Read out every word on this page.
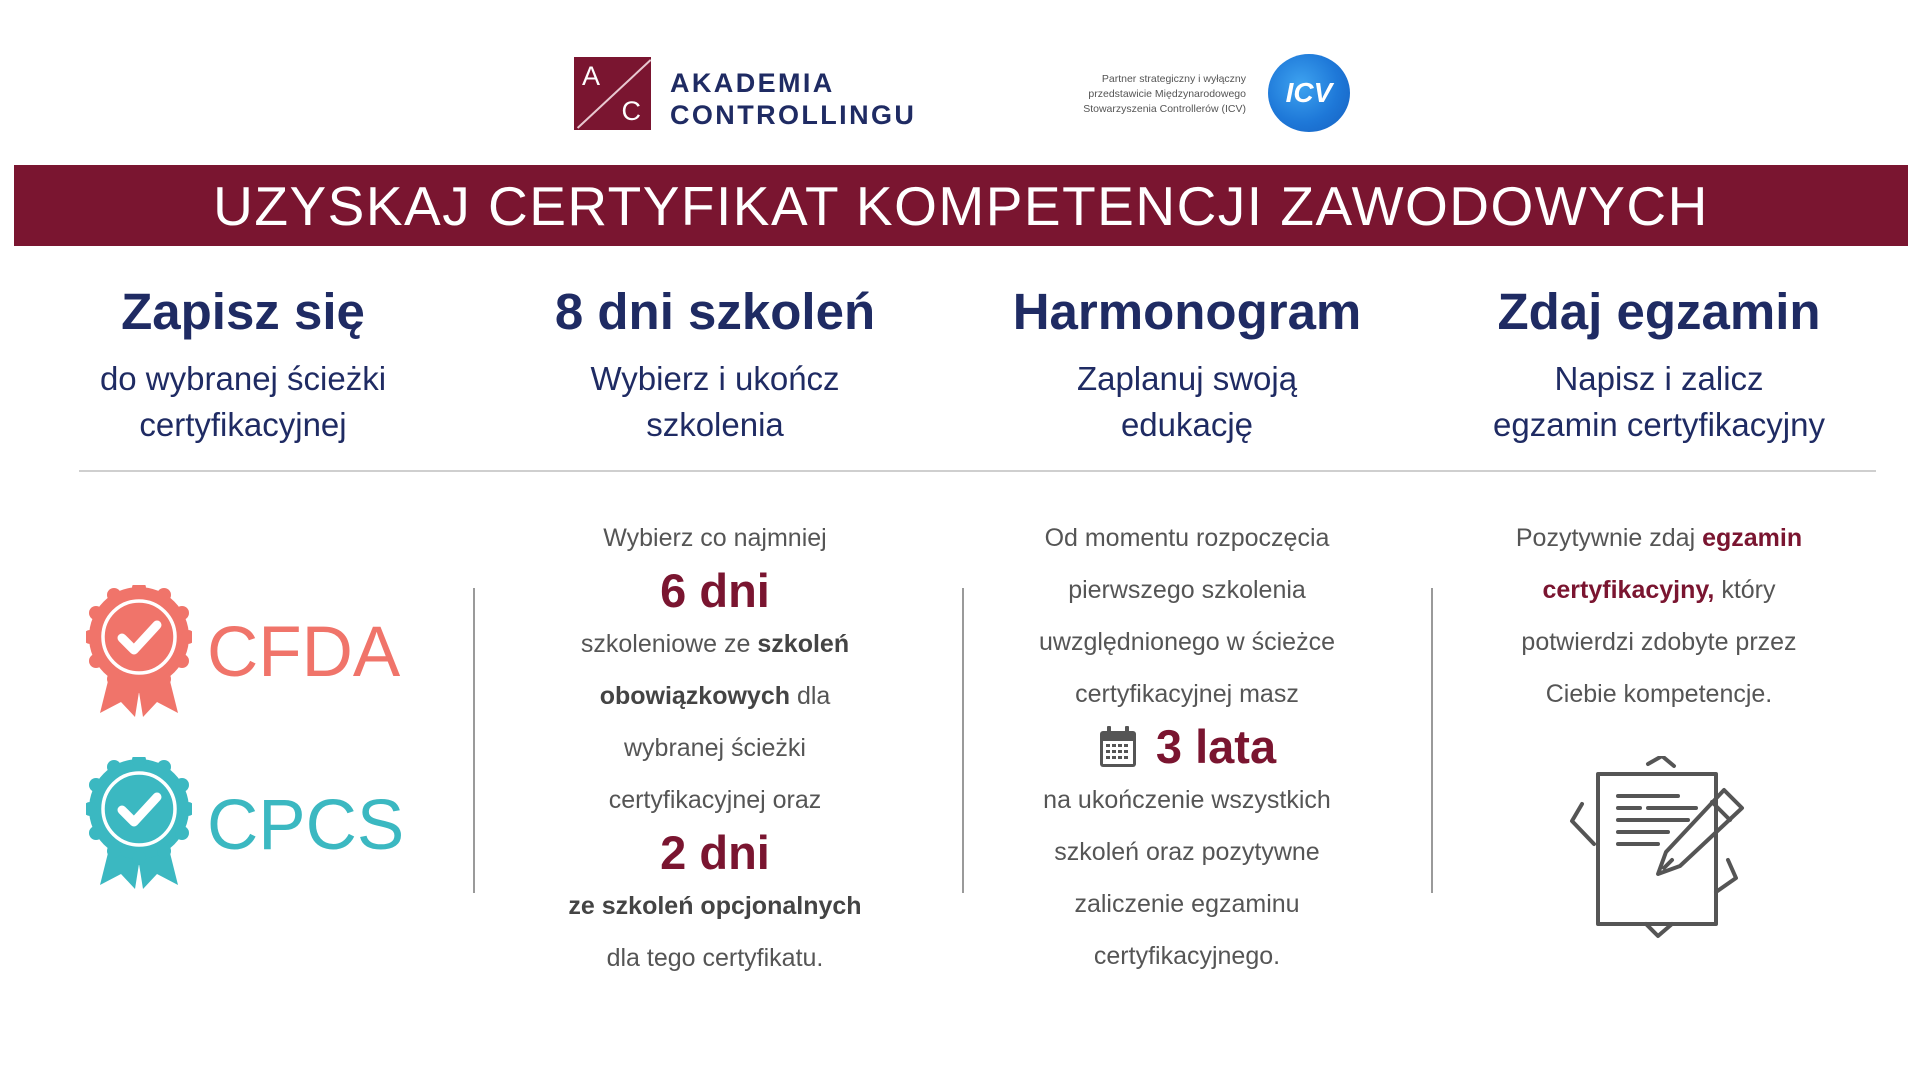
A
C
AKADEMIA
CONTROLLINGU
Partner strategiczny i wyłączny
przedstawicie Międzynarodowego
Stowarzyszenia Controllerów (ICV)
ICV
UZYSKAJ CERTYFIKAT KOMPETENCJI ZAWODOWYCH
Zapisz się
do wybranej ścieżki
certyfikacyjnej
8 dni szkoleń
Wybierz i ukończ
szkolenia
Harmonogram
Zaplanuj swoją
edukację
Zdaj egzamin
Napisz i zalicz
egzamin certyfikacyjny
CFDA
CPCS
Wybierz co najmniej
6 dni
szkoleniowe ze szkoleń
obowiązkowych dla
wybranej ścieżki
certyfikacyjnej oraz
2 dni
ze szkoleń opcjonalnych
dla tego certyfikatu.
Od momentu rozpoczęcia
pierwszego szkolenia
uwzględnionego w ścieżce
certyfikacyjnej masz
3 lata
na ukończenie wszystkich
szkoleń oraz pozytywne
zaliczenie egzaminu
certyfikacyjnego.
Pozytywnie zdaj egzamin
certyfikacyjny, który
potwierdzi zdobyte przez
Ciebie kompetencje.
